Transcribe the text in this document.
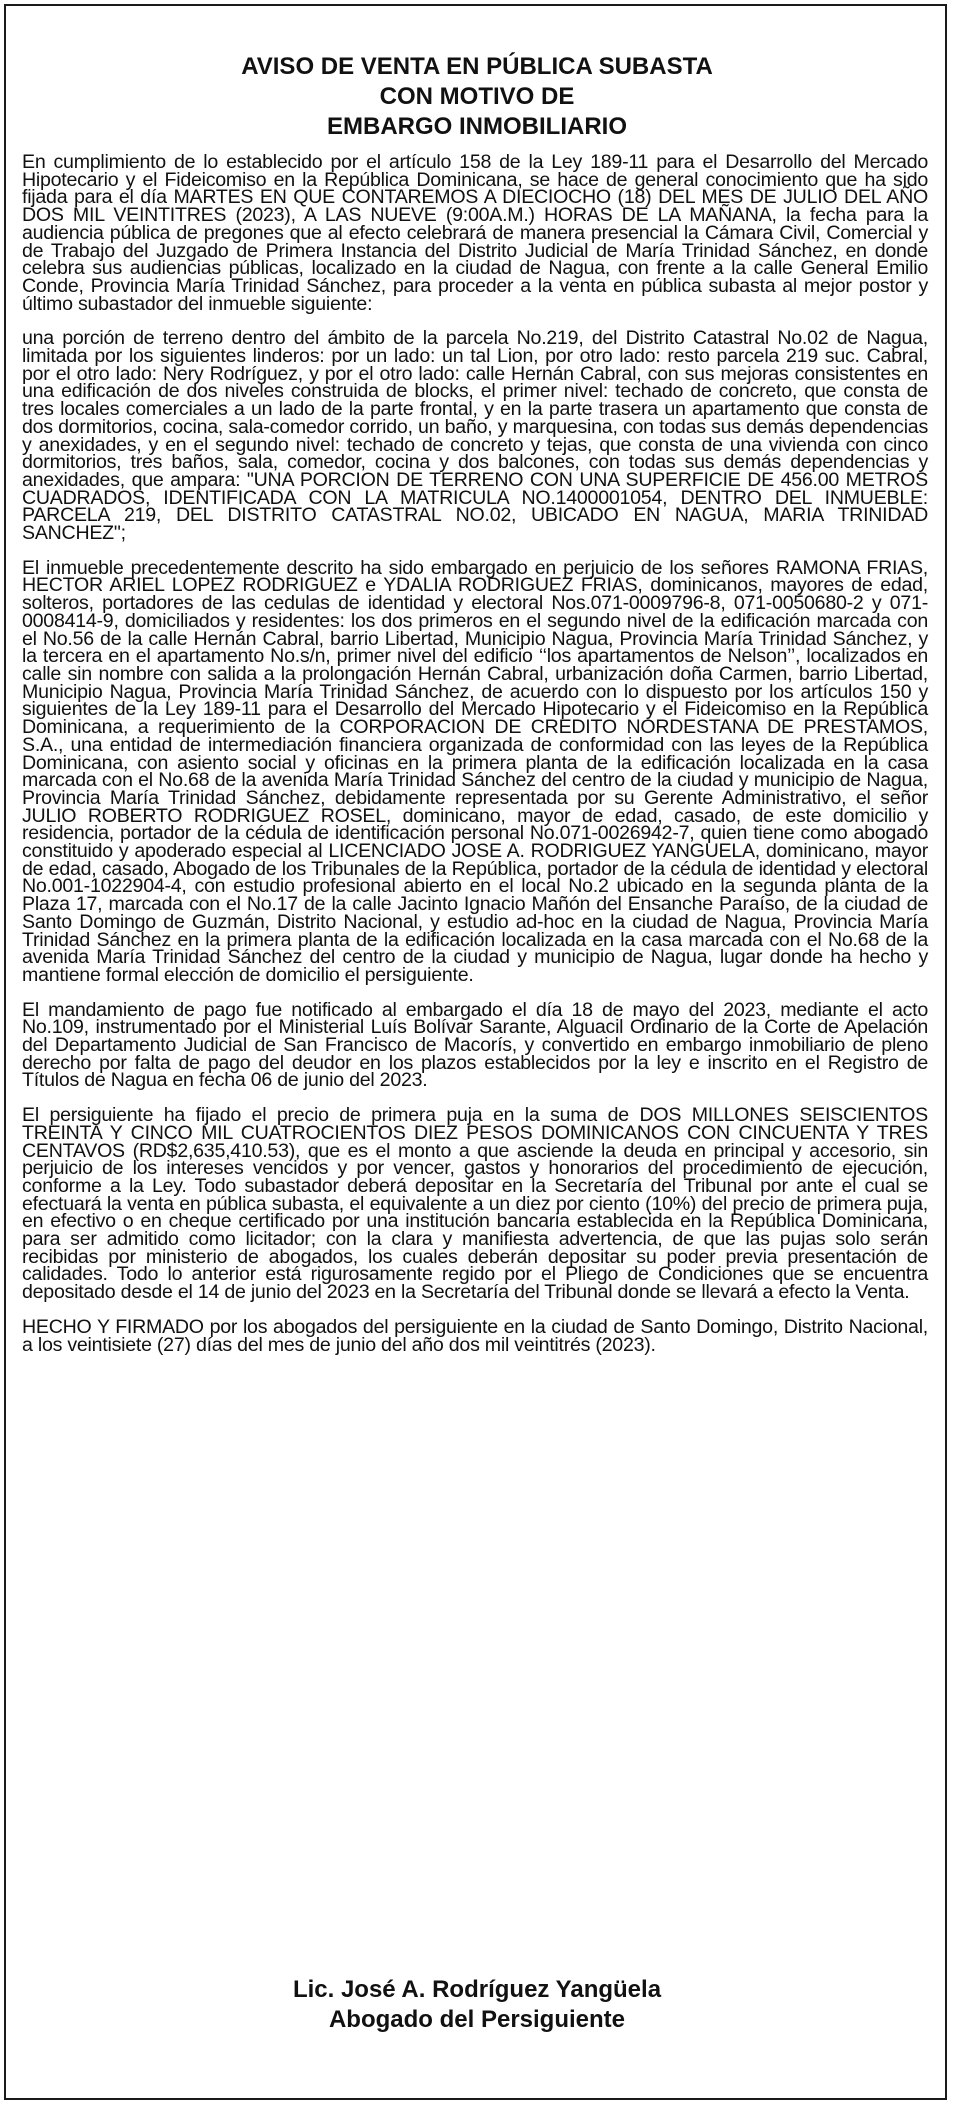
AVISO DE VENTA EN PÚBLICA SUBASTA
CON MOTIVO DE
EMBARGO INMOBILIARIO

En cumplimiento de lo establecido por el artículo 158 de la Ley 189-11 para el Desarrollo del Mercado Hipotecario y el Fideicomiso en la República Dominicana, se hace de general conocimiento que ha sido fijada para el día MARTES EN QUE CONTAREMOS A DIECIOCHO (18) DEL MES DE JULIO DEL AÑO DOS MIL VEINTITRES (2023), A LAS NUEVE (9:00A.M.) HORAS DE LA MAÑANA, la fecha para la audiencia pública de pregones que al efecto celebrará de manera presencial la Cámara Civil, Comercial y de Trabajo del Juzgado de Primera Instancia del Distrito Judicial de María Trinidad Sánchez, en donde celebra sus audiencias públicas, localizado en la ciudad de Nagua, con frente a la calle General Emilio Conde, Provincia María Trinidad Sánchez, para proceder a la venta en pública subasta al mejor postor y último subastador del inmueble siguiente:

una porción de terreno dentro del ámbito de la parcela No.219, del Distrito Catastral No.02 de Nagua, limitada por los siguientes linderos: por un lado: un tal Lion, por otro lado: resto parcela 219 suc. Cabral, por el otro lado: Nery Rodríguez, y por el otro lado: calle Hernán Cabral, con sus mejoras consistentes en una edificación de dos niveles construida de blocks, el primer nivel: techado de concreto, que consta de tres locales comerciales a un lado de la parte frontal, y en la parte trasera un apartamento que consta de dos dormitorios, cocina, sala-comedor corrido, un baño, y marquesina, con todas sus demás dependencias y anexidades, y en el segundo nivel: techado de concreto y tejas, que consta de una vivienda con cinco dormitorios, tres baños, sala, comedor, cocina y dos balcones, con todas sus demás dependencias y anexidades, que ampara: "UNA PORCION DE TERRENO CON UNA SUPERFICIE DE 456.00 METROS CUADRADOS, IDENTIFICADA CON LA MATRICULA NO.1400001054, DENTRO DEL INMUEBLE: PARCELA 219, DEL DISTRITO CATASTRAL NO.02, UBICADO EN NAGUA, MARIA TRINIDAD SANCHEZ";

El inmueble precedentemente descrito ha sido embargado en perjuicio de los señores RAMONA FRIAS, HECTOR ARIEL LOPEZ RODRIGUEZ e YDALIA RODRIGUEZ FRIAS, dominicanos, mayores de edad, solteros, portadores de las cedulas de identidad y electoral Nos.071-0009796-8, 071-0050680-2 y 071-0008414-9, domiciliados y residentes: los dos primeros en el segundo nivel de la edificación marcada con el No.56 de la calle Hernán Cabral, barrio Libertad, Municipio Nagua, Provincia María Trinidad Sánchez, y la tercera en el apartamento No.s/n, primer nivel del edificio ‘‘los apartamentos de Nelson’’, localizados en calle sin nombre con salida a la prolongación Hernán Cabral, urbanización doña Carmen, barrio Libertad, Municipio Nagua, Provincia María Trinidad Sánchez, de acuerdo con lo dispuesto por los artículos 150 y siguientes de la Ley 189-11 para el Desarrollo del Mercado Hipotecario y el Fideicomiso en la República Dominicana, a requerimiento de la CORPORACION DE CREDITO NORDESTANA DE PRESTAMOS, S.A., una entidad de intermediación financiera organizada de conformidad con las leyes de la República Dominicana, con asiento social y oficinas en la primera planta de la edificación localizada en la casa marcada con el No.68 de la avenida María Trinidad Sánchez del centro de la ciudad y municipio de Nagua, Provincia María Trinidad Sánchez, debidamente representada por su Gerente Administrativo, el señor JULIO ROBERTO RODRIGUEZ ROSEL, dominicano, mayor de edad, casado, de este domicilio y residencia, portador de la cédula de identificación personal No.071-0026942-7, quien tiene como abogado constituido y apoderado especial al LICENCIADO JOSE A. RODRIGUEZ YANGUELA, dominicano, mayor de edad, casado, Abogado de los Tribunales de la República, portador de la cédula de identidad y electoral No.001-1022904-4, con estudio profesional abierto en el local No.2 ubicado en la segunda planta de la Plaza 17, marcada con el No.17 de la calle Jacinto Ignacio Mañón del Ensanche Paraíso, de la ciudad de Santo Domingo de Guzmán, Distrito Nacional, y estudio ad-hoc en la ciudad de Nagua, Provincia María Trinidad Sánchez en la primera planta de la edificación localizada en la casa marcada con el No.68 de la avenida María Trinidad Sánchez del centro de la ciudad y municipio de Nagua, lugar donde ha hecho y mantiene formal elección de domicilio el persiguiente.

El mandamiento de pago fue notificado al embargado el día 18 de mayo del 2023, mediante el acto No.109, instrumentado por el Ministerial Luís Bolívar Sarante, Alguacil Ordinario de la Corte de Apelación del Departamento Judicial de San Francisco de Macorís, y convertido en embargo inmobiliario de pleno derecho por falta de pago del deudor en los plazos establecidos por la ley e inscrito en el Registro de Títulos de Nagua en fecha 06 de junio del 2023.

El persiguiente ha fijado el precio de primera puja en la suma de DOS MILLONES SEISCIENTOS TREINTA Y CINCO MIL CUATROCIENTOS DIEZ PESOS DOMINICANOS CON CINCUENTA Y TRES CENTAVOS (RD$2,635,410.53), que es el monto a que asciende la deuda en principal y accesorio, sin perjuicio de los intereses vencidos y por vencer, gastos y honorarios del procedimiento de ejecución, conforme a la Ley. Todo subastador deberá depositar en la Secretaría del Tribunal por ante el cual se efectuará la venta en pública subasta, el equivalente a un diez por ciento (10%) del precio de primera puja, en efectivo o en cheque certificado por una institución bancaria establecida en la República Dominicana, para ser admitido como licitador; con la clara y manifiesta advertencia, de que las pujas solo serán recibidas por ministerio de abogados, los cuales deberán depositar su poder previa presentación de calidades. Todo lo anterior está rigurosamente regido por el Pliego de Condiciones que se encuentra depositado desde el 14 de junio del 2023 en la Secretaría del Tribunal donde se llevará a efecto la Venta.

HECHO Y FIRMADO por los abogados del persiguiente en la ciudad de Santo Domingo, Distrito Nacional, a los veintisiete (27) días del mes de junio del año dos mil veintitrés (2023).

Lic. José A. Rodríguez Yangüela
Abogado del Persiguiente
